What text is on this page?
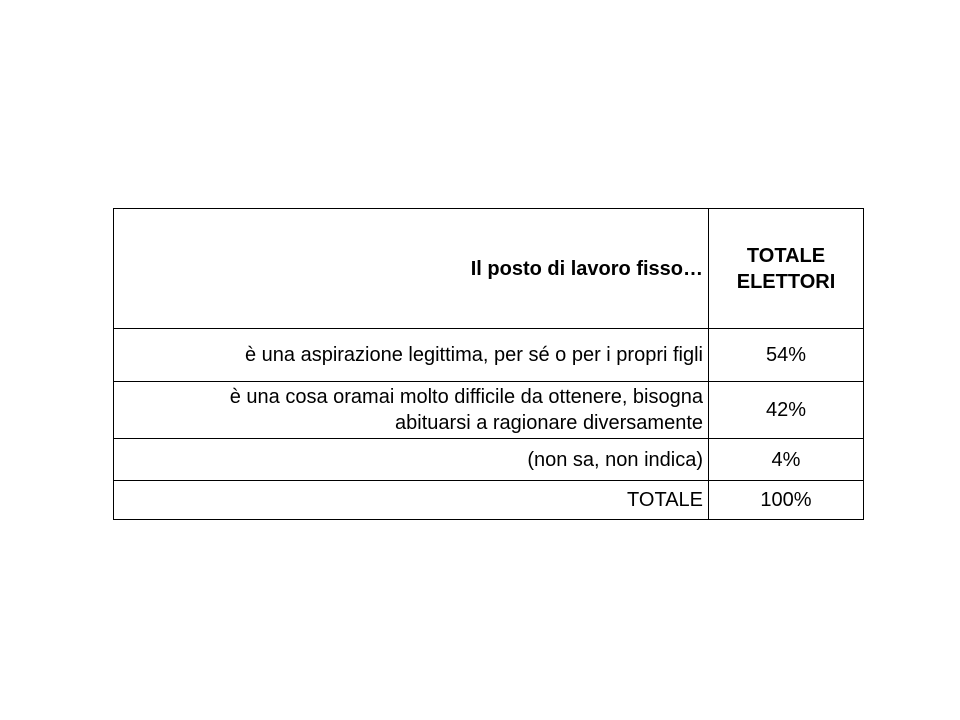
Il posto di lavoro fisso…	TOTALE
ELETTORI

è una aspirazione legittima, per sé o per i propri figli	54%

è una cosa oramai molto difficile da ottenere, bisogna
abituarsi a ragionare diversamente	42%

(non sa, non indica)	4%

TOTALE	100%
